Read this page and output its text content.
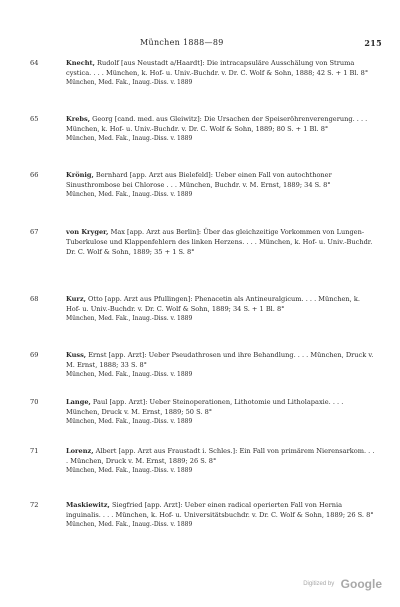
München 1888—89	215
64	Knecht, Rudolf [aus Neustadt a/Haardt]: Die intracapsuläre Ausschälung von Struma cystica. . . . München, k. Hof- u. Univ.-Buchdr. v. Dr. C. Wolf & Sohn, 1888; 42 S. + 1 Bl. 8°
München, Med. Fak., Inaug.-Diss. v. 1889
65	Krebs, Georg [cand. med. aus Gleiwitz]: Die Ursachen der Speiseröhrenverengerung. . . . München, k. Hof- u. Univ.-Buchdr. v. Dr. C. Wolf & Sohn, 1889; 80 S. + 1 Bl. 8°
München, Med. Fak., Inaug.-Diss. v. 1889
66	Krönig, Bernhard [app. Arzt aus Bielefeld]: Ueber einen Fall von autochthoner Sinusthrombose bei Chlorose . . . München, Buchdr. v. M. Ernst, 1889; 34 S. 8°
München, Med. Fak., Inaug.-Diss. v. 1889
67	von Kryger, Max [app. Arzt aus Berlin]: Über das gleichzeitige Vorkommen von Lungen-Tuberkulose und Klappenfehlern des linken Herzens. . . . München, k. Hof- u. Univ.-Buchdr. Dr. C. Wolf & Sohn, 1889; 35 + 1 S. 8°
68	Kurz, Otto [app. Arzt aus Pfullingen]: Phenacetin als Antineuralgicum. . . . München, k. Hof- u. Univ.-Buchdr. v. Dr. C. Wolf & Sohn, 1889; 34 S. + 1 Bl. 8°
München, Med. Fak., Inaug.-Diss. v. 1889
69	Kuss, Ernst [app. Arzt]: Ueber Pseudathrosen und ihre Behandlung. . . . München, Druck v. M. Ernst, 1888; 33 S. 8°
München, Med. Fak., Inaug.-Diss. v. 1889
70	Lange, Paul [app. Arzt]: Ueber Steinoperationen, Lithotomie und Litholapaxie. . . . München, Druck v. M. Ernst, 1889; 50 S. 8°
München, Med. Fak., Inaug.-Diss. v. 1889
71	Lorenz, Albert [app. Arzt aus Fraustadt i. Schles.]: Ein Fall von primärem Nierensarkom. . . . München, Druck v. M. Ernst, 1889; 26 S. 8°
München, Med. Fak., Inaug.-Diss. v. 1889
72	Maskiewitz, Siegfried [app. Arzt]: Ueber einen radical operierten Fall von Hernia inguinalis. . . . München, k. Hof- u. Universitätsbuchdr. v. Dr. C. Wolf & Sohn, 1889; 26 S. 8°
München, Med. Fak., Inaug.-Diss. v. 1889
Digitized by Google
